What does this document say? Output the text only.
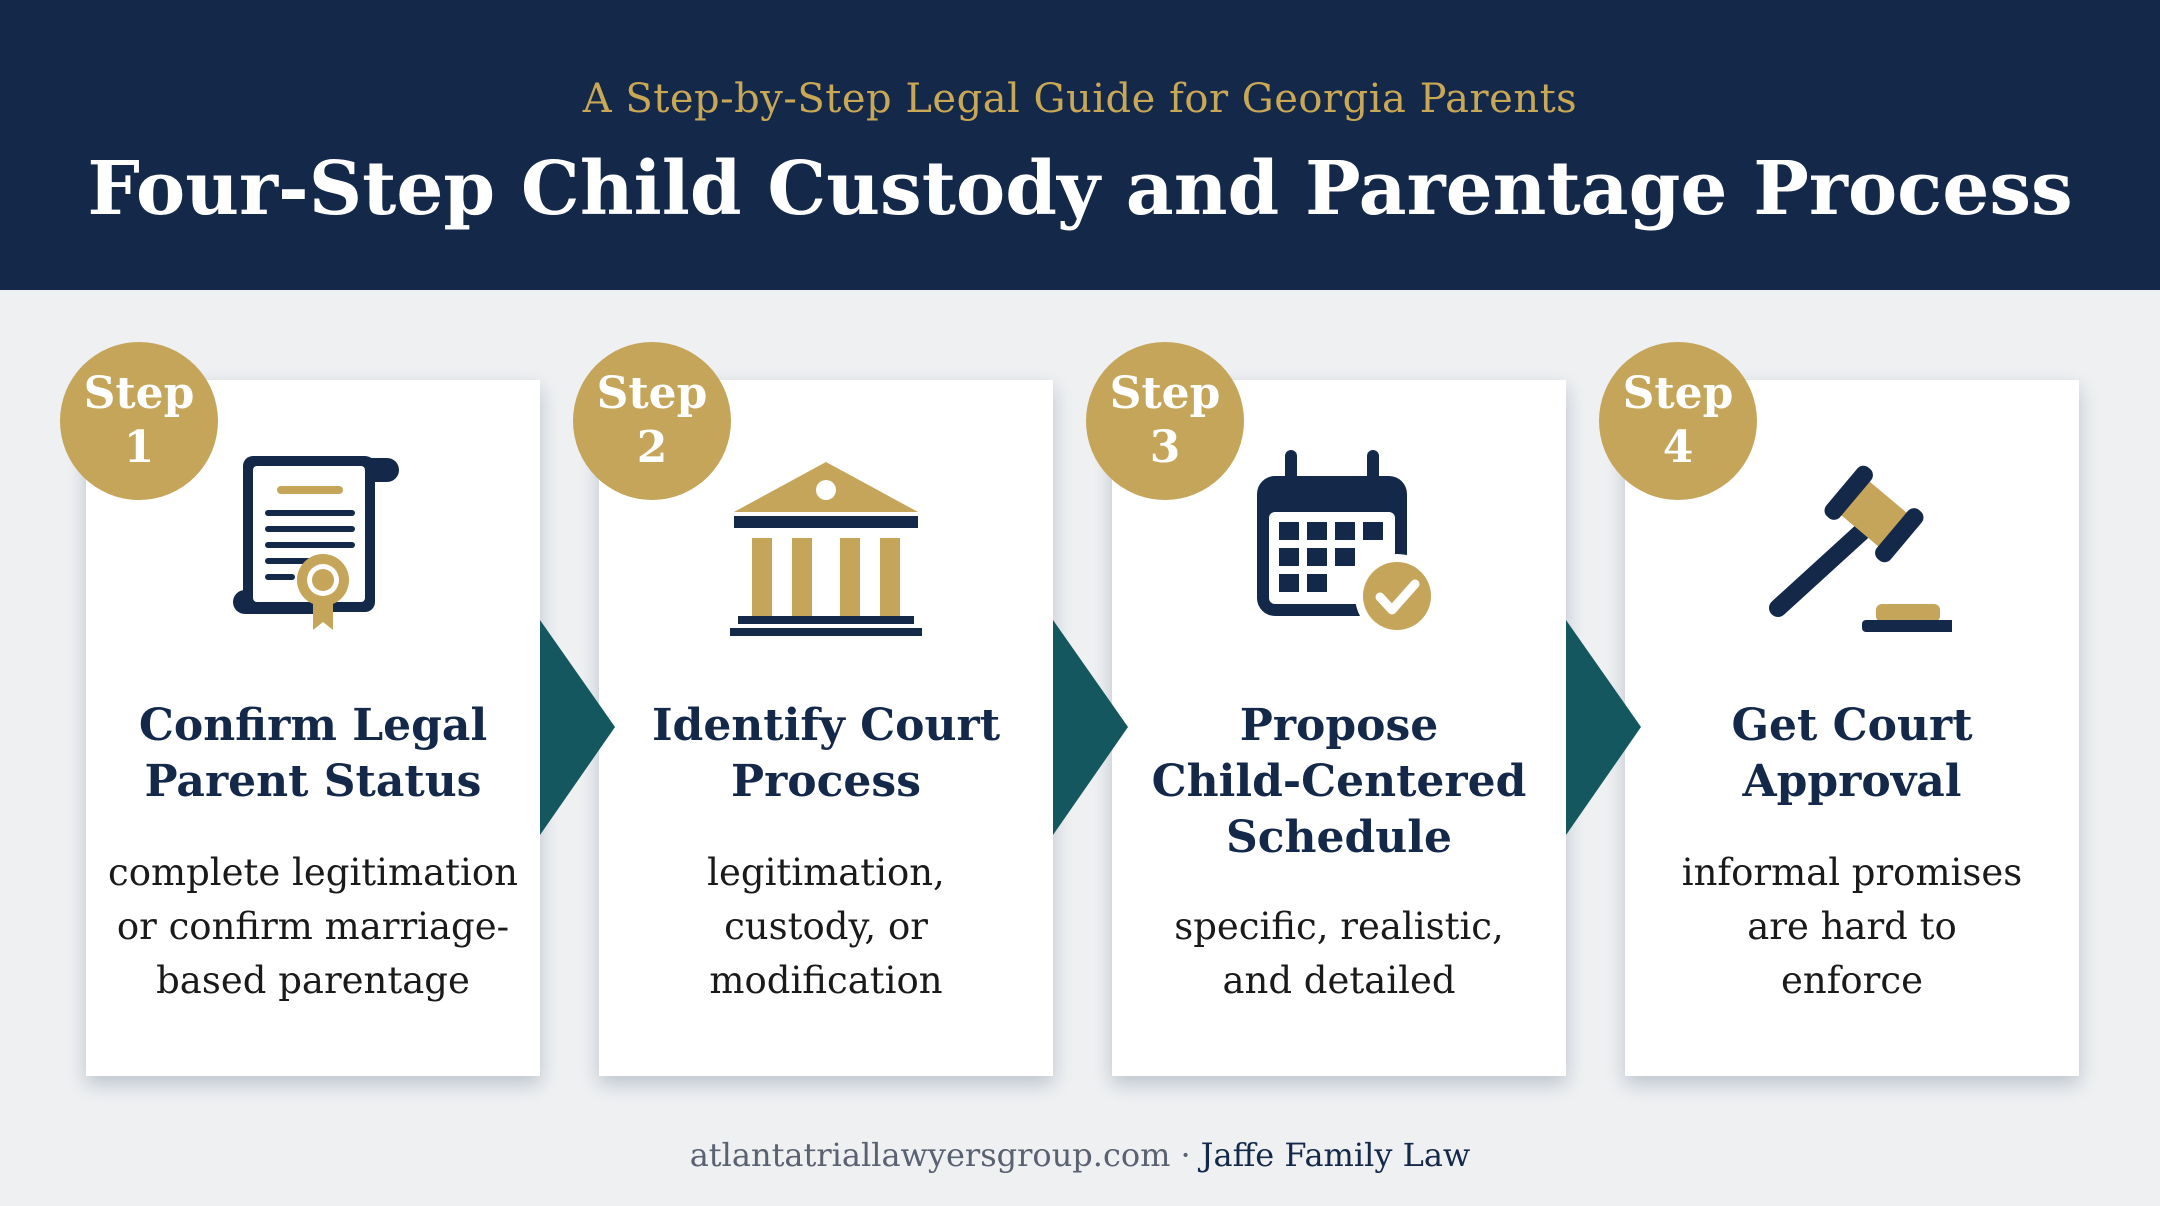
A Step-by-Step Legal Guide for Georgia Parents
Four-Step Child Custody and Parentage Process
Step
1
Confirm Legal
Parent Status
complete legitimation
or confirm marriage-
based parentage
Step
2
Identify Court
Process
legitimation,
custody, or
modification
Step
3
Propose
Child-Centered
Schedule
specific, realistic,
and detailed
Step
4
Get Court
Approval
informal promises
are hard to
enforce
atlantatriallawyersgroup.com · Jaffe Family Law
